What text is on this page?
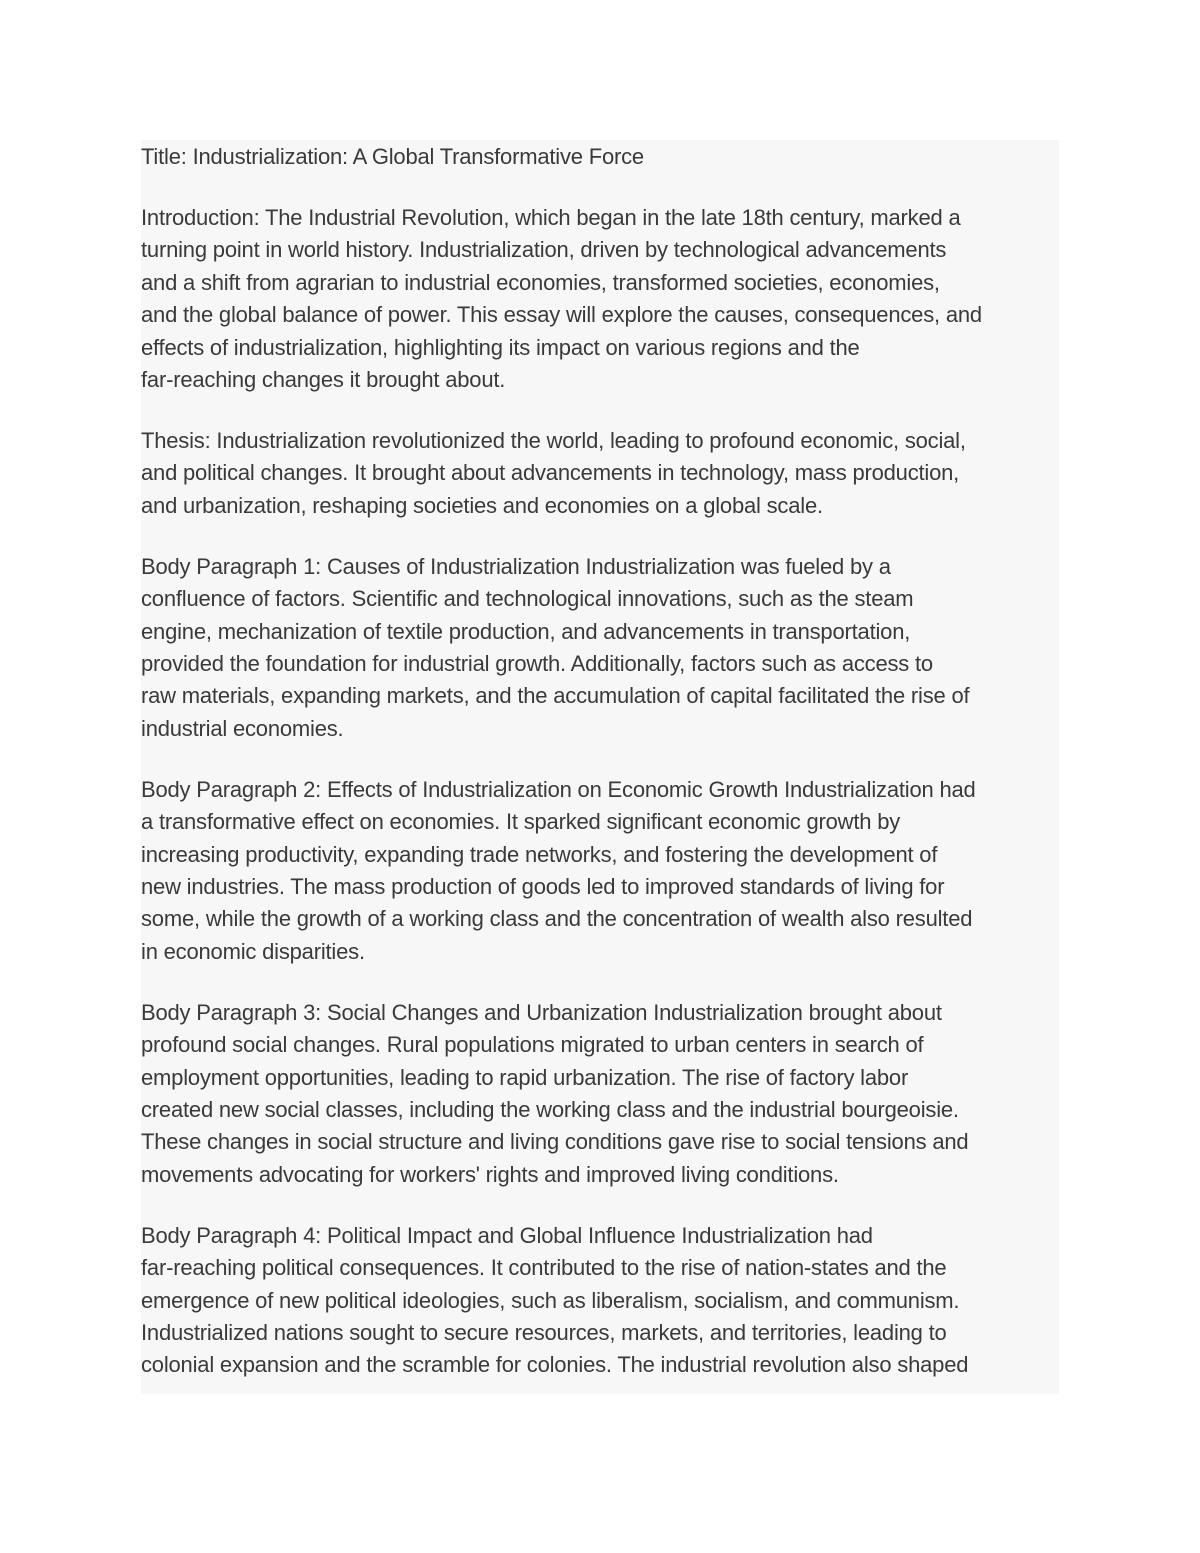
Title: Industrialization: A Global Transformative Force
Introduction: The Industrial Revolution, which began in the late 18th century, marked a
turning point in world history. Industrialization, driven by technological advancements
and a shift from agrarian to industrial economies, transformed societies, economies,
and the global balance of power. This essay will explore the causes, consequences, and
effects of industrialization, highlighting its impact on various regions and the
far-reaching changes it brought about.
Thesis: Industrialization revolutionized the world, leading to profound economic, social,
and political changes. It brought about advancements in technology, mass production,
and urbanization, reshaping societies and economies on a global scale.
Body Paragraph 1: Causes of Industrialization Industrialization was fueled by a
confluence of factors. Scientific and technological innovations, such as the steam
engine, mechanization of textile production, and advancements in transportation,
provided the foundation for industrial growth. Additionally, factors such as access to
raw materials, expanding markets, and the accumulation of capital facilitated the rise of
industrial economies.
Body Paragraph 2: Effects of Industrialization on Economic Growth Industrialization had
a transformative effect on economies. It sparked significant economic growth by
increasing productivity, expanding trade networks, and fostering the development of
new industries. The mass production of goods led to improved standards of living for
some, while the growth of a working class and the concentration of wealth also resulted
in economic disparities.
Body Paragraph 3: Social Changes and Urbanization Industrialization brought about
profound social changes. Rural populations migrated to urban centers in search of
employment opportunities, leading to rapid urbanization. The rise of factory labor
created new social classes, including the working class and the industrial bourgeoisie.
These changes in social structure and living conditions gave rise to social tensions and
movements advocating for workers' rights and improved living conditions.
Body Paragraph 4: Political Impact and Global Influence Industrialization had
far-reaching political consequences. It contributed to the rise of nation-states and the
emergence of new political ideologies, such as liberalism, socialism, and communism.
Industrialized nations sought to secure resources, markets, and territories, leading to
colonial expansion and the scramble for colonies. The industrial revolution also shaped
